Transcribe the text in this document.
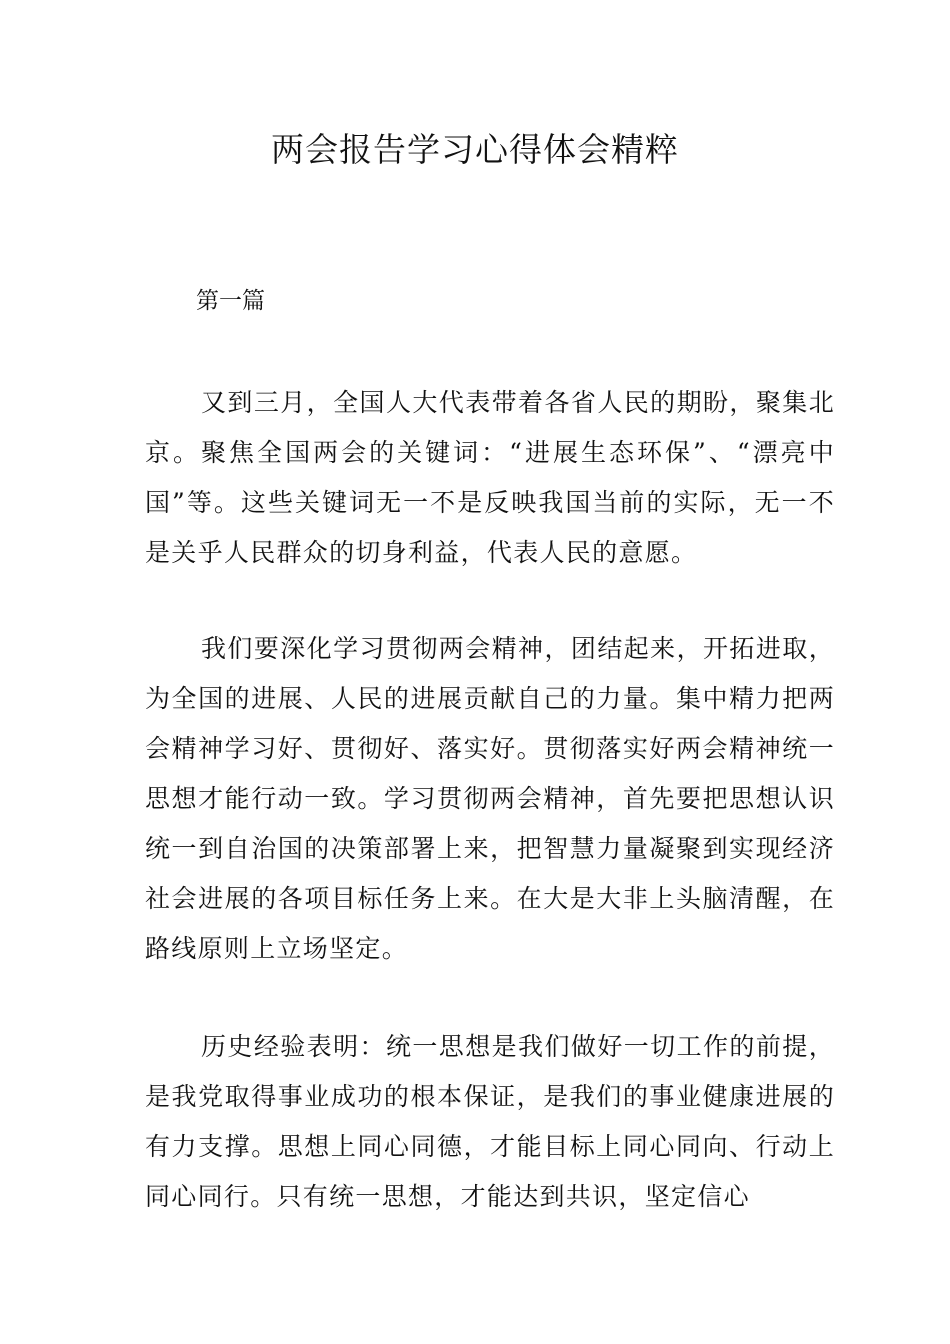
两会报告学习心得体会精粹

第一篇

又到三月，全国人大代表带着各省人民的期盼，聚集北京。聚焦全国两会的关键词：“进展生态环保”、“漂亮中国”等。这些关键词无一不是反映我国当前的实际，无一不是关乎人民群众的切身利益，代表人民的意愿。

我们要深化学习贯彻两会精神，团结起来，开拓进取，为全国的进展、人民的进展贡献自己的力量。集中精力把两会精神学习好、贯彻好、落实好。贯彻落实好两会精神统一思想才能行动一致。学习贯彻两会精神，首先要把思想认识统一到自治国的决策部署上来，把智慧力量凝聚到实现经济社会进展的各项目标任务上来。在大是大非上头脑清醒，在路线原则上立场坚定。

历史经验表明：统一思想是我们做好一切工作的前提，是我党取得事业成功的根本保证，是我们的事业健康进展的有力支撑。思想上同心同德，才能目标上同心同向、行动上同心同行。只有统一思想，才能达到共识，坚定信心
